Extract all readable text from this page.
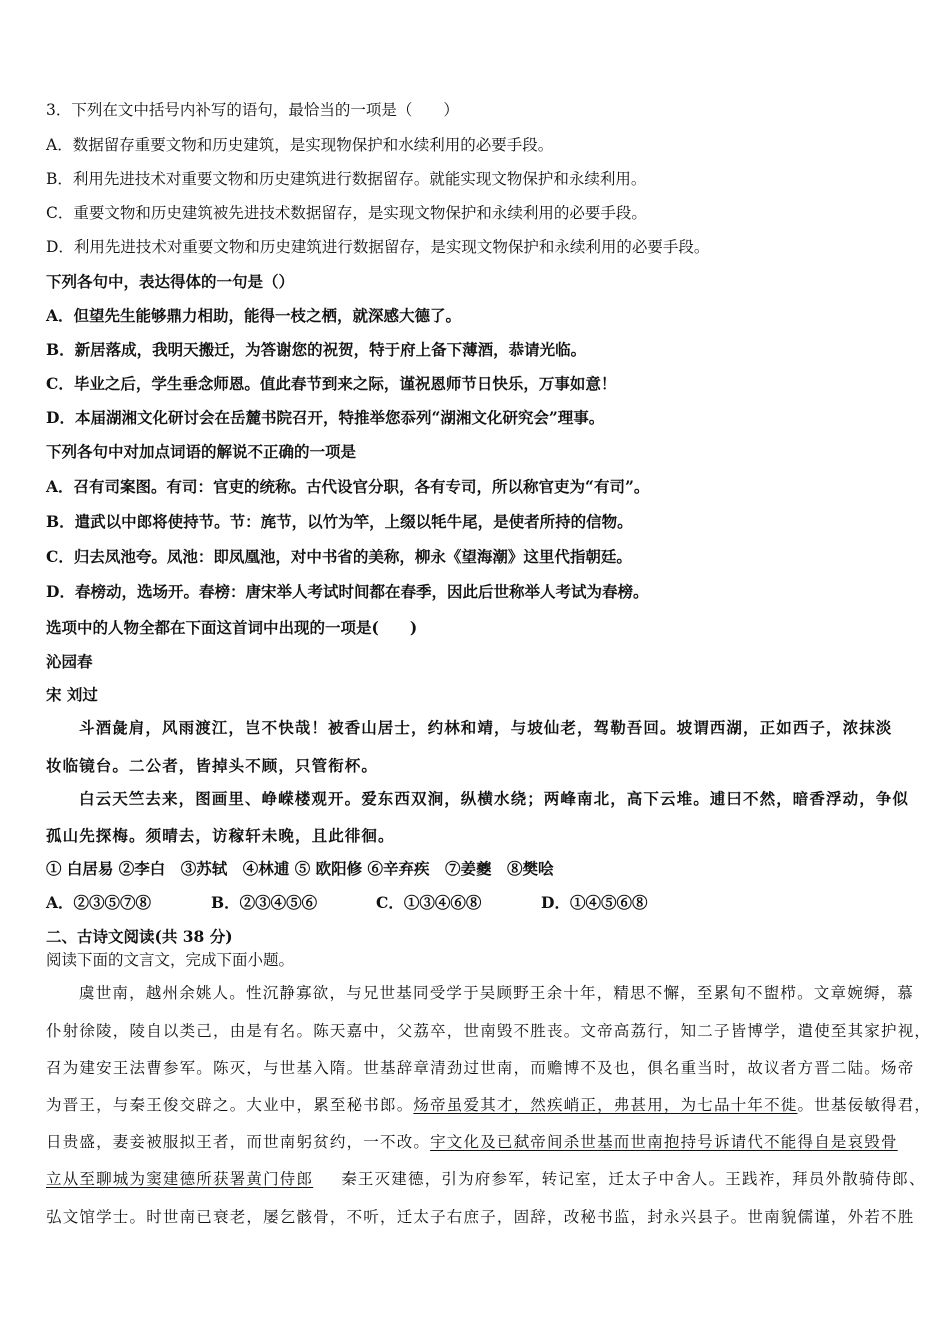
3．下列在文中括号内补写的语句，最恰当的一项是（　　）
A．数据留存重要文物和历史建筑，是实现物保护和水续利用的必要手段。
B．利用先进技术对重要文物和历史建筑进行数据留存。就能实现文物保护和永续利用。
C．重要文物和历史建筑被先进技术数据留存，是实现文物保护和永续利用的必要手段。
D．利用先进技术对重要文物和历史建筑进行数据留存，是实现文物保护和永续利用的必要手段。
下列各句中，表达得体的一句是（）
A．但望先生能够鼎力相助，能得一枝之栖，就深感大德了。
B．新居落成，我明天搬迁，为答谢您的祝贺，特于府上备下薄酒，恭请光临。
C．毕业之后，学生垂念师恩。值此春节到来之际，谨祝恩师节日快乐，万事如意！
D．本届湖湘文化研讨会在岳麓书院召开，特推举您忝列“湖湘文化研究会”理事。
下列各句中对加点词语的解说不正确的一项是
A．召有司案图。有司：官吏的统称。古代设官分职，各有专司，所以称官吏为“有司”。
B．遣武以中郎将使持节。节：旄节，以竹为竿，上缀以牦牛尾，是使者所持的信物。
C．归去凤池夸。凤池：即凤凰池，对中书省的美称，柳永《望海潮》这里代指朝廷。
D．春榜动，选场开。春榜：唐宋举人考试时间都在春季，因此后世称举人考试为春榜。
选项中的人物全都在下面这首词中出现的一项是(　　)
沁园春
宋 刘过
斗酒彘肩，风雨渡江，岂不快哉！被香山居士，约林和靖，与坡仙老，驾勒吾回。坡谓西湖，正如西子，浓抹淡
妆临镜台。二公者，皆掉头不顾，只管衔杯。
白云天竺去来，图画里、峥嵘楼观开。爱东西双涧，纵横水绕；两峰南北，高下云堆。逋曰不然，暗香浮动，争似
孤山先探梅。须晴去，访稼轩未晚，且此徘徊。
① 白居易 ②李白　③苏轼　④林逋 ⑤ 欧阳修 ⑥辛弃疾　⑦姜夔　⑧樊哙
A．②③⑤⑦⑧	B．②③④⑤⑥	C．①③④⑥⑧	D．①④⑤⑥⑧
二、古诗文阅读(共 38 分)
阅读下面的文言文，完成下面小题。
虞世南，越州余姚人。性沉静寡欲，与兄世基同受学于吴顾野王余十年，精思不懈，至累旬不盥栉。文章婉缛，慕
仆射徐陵，陵自以类己，由是有名。陈天嘉中，父荔卒，世南毁不胜丧。文帝高荔行，知二子皆博学，遣使至其家护视，
召为建安王法曹参军。陈灭，与世基入隋。世基辞章清劲过世南，而赡博不及也，俱名重当时，故议者方晋二陆。炀帝
为晋王，与秦王俊交辟之。大业中，累至秘书郎。炀帝虽爱其才，然疾峭正，弗甚用，为七品十年不徙。世基佞敏得君，
日贵盛，妻妾被服拟王者，而世南躬贫约，一不改。宇文化及已弑帝间杀世基而世南抱持号诉请代不能得自是哀毁骨
立从至聊城为窦建德所获署黄门侍郎 秦王灭建德，引为府参军，转记室，迁太子中舍人。王践祚，拜员外散骑侍郎、
弘文馆学士。时世南已衰老，屡乞骸骨，不听，迁太子右庶子，固辞，改秘书监，封永兴县子。世南貌儒谨，外若不胜
